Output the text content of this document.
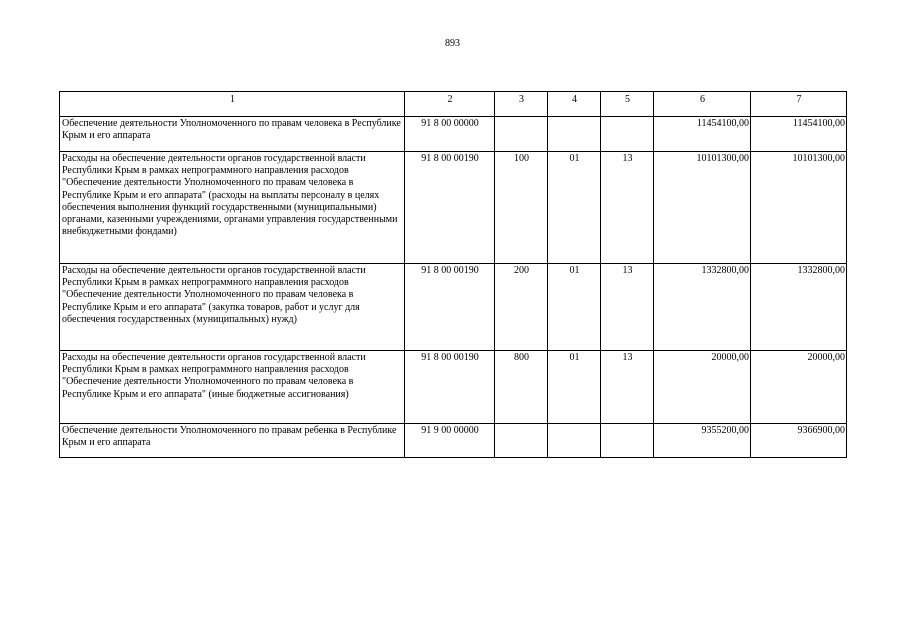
893
1	2	3	4	5	6	7
Обеспечение деятельности Уполномоченного по правам человека в Республике Крым и его аппарата	91 8 00 00000				11454100,00	11454100,00
Расходы на обеспечение деятельности органов государственной власти Республики Крым в рамках непрограммного направления расходов "Обеспечение деятельности Уполномоченного по правам человека в Республике Крым и его аппарата" (расходы на выплаты персоналу в целях обеспечения выполнения функций государственными (муниципальными) органами, казенными учреждениями, органами управления государственными внебюджетными фондами)	91 8 00 00190	100	01	13	10101300,00	10101300,00
Расходы на обеспечение деятельности органов государственной власти Республики Крым в рамках непрограммного направления расходов "Обеспечение деятельности Уполномоченного по правам человека в Республике Крым и его аппарата" (закупка товаров, работ и услуг для обеспечения государственных (муниципальных) нужд)	91 8 00 00190	200	01	13	1332800,00	1332800,00
Расходы на обеспечение деятельности органов государственной власти Республики Крым в рамках непрограммного направления расходов "Обеспечение деятельности Уполномоченного по правам человека в Республике Крым и его аппарата" (иные бюджетные ассигнования)	91 8 00 00190	800	01	13	20000,00	20000,00
Обеспечение деятельности Уполномоченного по правам ребенка в Республике Крым и его аппарата	91 9 00 00000				9355200,00	9366900,00
